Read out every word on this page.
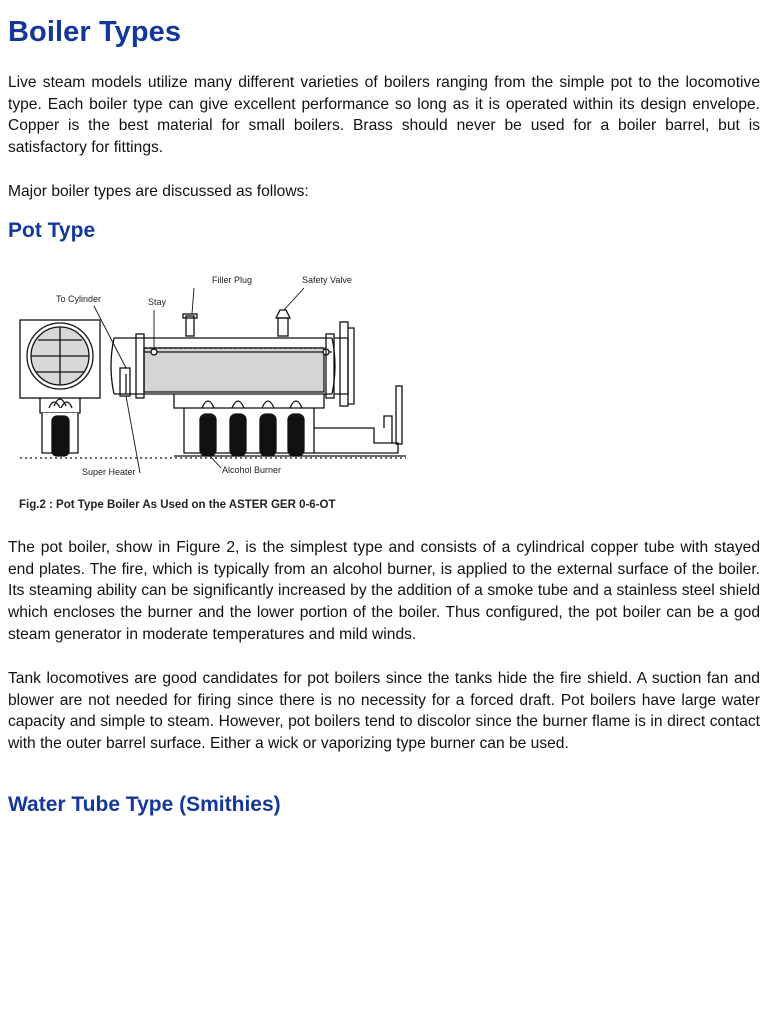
Boiler Types

Live steam models utilize many different varieties of boilers ranging from the simple pot to the locomotive type. Each boiler type can give excellent performance so long as it is operated within its design envelope. Copper is the best material for small boilers. Brass should never be used for a boiler barrel, but is satisfactory for fittings.

Major boiler types are discussed as follows:

Pot Type
Filler Plug	Safety Valve
To Cylinder	Stay
Super Heater	Alcohol Burner
Fig.2 : Pot Type Boiler As Used on the ASTER GER 0-6-OT

The pot boiler, show in Figure 2, is the simplest type and consists of a cylindrical copper tube with stayed end plates. The fire, which is typically from an alcohol burner, is applied to the external surface of the boiler. Its steaming ability can be significantly increased by the addition of a smoke tube and a stainless steel shield which encloses the burner and the lower portion of the boiler. Thus configured, the pot boiler can be a god steam generator in moderate temperatures and mild winds.

Tank locomotives are good candidates for pot boilers since the tanks hide the fire shield. A suction fan and blower are not needed for firing since there is no necessity for a forced draft. Pot boilers have large water capacity and simple to steam. However, pot boilers tend to discolor since the burner flame is in direct contact with the outer barrel surface. Either a wick or vaporizing type burner can be used.

Water Tube Type (Smithies)
